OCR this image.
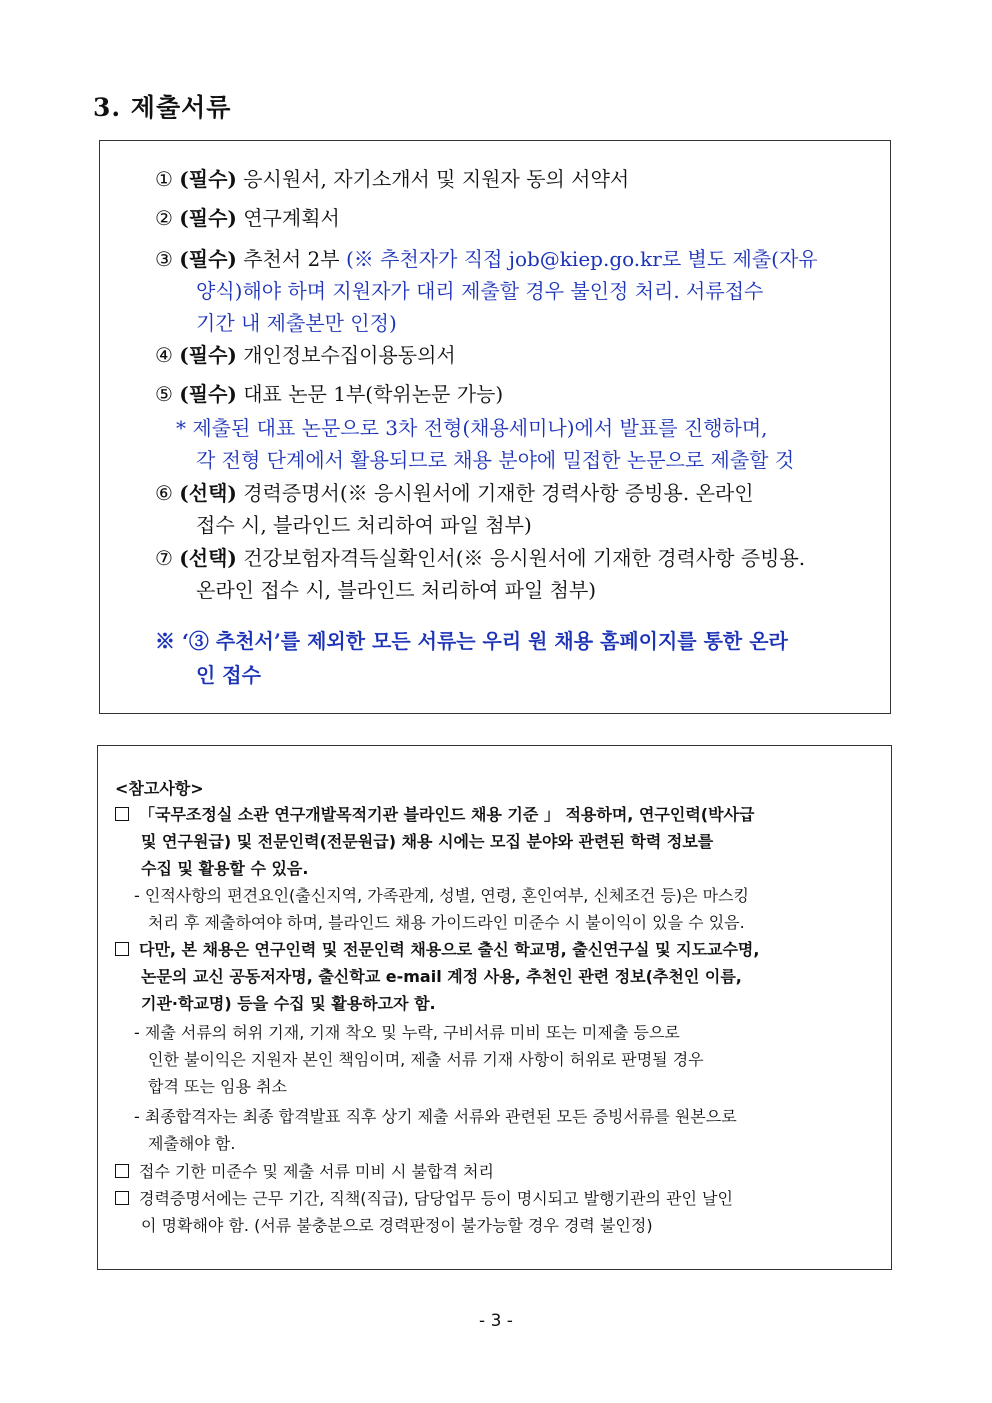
3. 제출서류
① (필수) 응시원서, 자기소개서 및 지원자 동의 서약서
② (필수) 연구계획서
③ (필수) 추천서 2부 (※ 추천자가 직접 job@kiep.go.kr로 별도 제출(자유
양식)해야 하며 지원자가 대리 제출할 경우 불인정 처리. 서류접수
기간 내 제출본만 인정)
④ (필수) 개인정보수집이용동의서
⑤ (필수) 대표 논문 1부(학위논문 가능)
* 제출된 대표 논문으로 3차 전형(채용세미나)에서 발표를 진행하며,
각 전형 단계에서 활용되므로 채용 분야에 밀접한 논문으로 제출할 것
⑥ (선택) 경력증명서(※ 응시원서에 기재한 경력사항 증빙용. 온라인
접수 시, 블라인드 처리하여 파일 첨부)
⑦ (선택) 건강보험자격득실확인서(※ 응시원서에 기재한 경력사항 증빙용.
온라인 접수 시, 블라인드 처리하여 파일 첨부)
※ ‘③ 추천서’를 제외한 모든 서류는 우리 원 채용 홈페이지를 통한 온라
인 접수
<참고사항>
「국무조정실 소관 연구개발목적기관 블라인드 채용 기준 」 적용하며, 연구인력(박사급
및 연구원급) 및 전문인력(전문원급) 채용 시에는 모집 분야와 관련된 학력 정보를
수집 및 활용할 수 있음.
- 인적사항의 편견요인(출신지역, 가족관계, 성별, 연령, 혼인여부, 신체조건 등)은 마스킹
처리 후 제출하여야 하며, 블라인드 채용 가이드라인 미준수 시 불이익이 있을 수 있음.
다만, 본 채용은 연구인력 및 전문인력 채용으로 출신 학교명, 출신연구실 및 지도교수명,
논문의 교신 공동저자명, 출신학교 e-mail 계정 사용, 추천인 관련 정보(추천인 이름,
기관·학교명) 등을 수집 및 활용하고자 함.
- 제출 서류의 허위 기재, 기재 착오 및 누락, 구비서류 미비 또는 미제출 등으로
인한 불이익은 지원자 본인 책임이며, 제출 서류 기재 사항이 허위로 판명될 경우
합격 또는 임용 취소
- 최종합격자는 최종 합격발표 직후 상기 제출 서류와 관련된 모든 증빙서류를 원본으로
제출해야 함.
접수 기한 미준수 및 제출 서류 미비 시 불합격 처리
경력증명서에는 근무 기간, 직책(직급), 담당업무 등이 명시되고 발행기관의 관인 날인
이 명확해야 함. (서류 불충분으로 경력판정이 불가능할 경우 경력 불인정)
- 3 -
